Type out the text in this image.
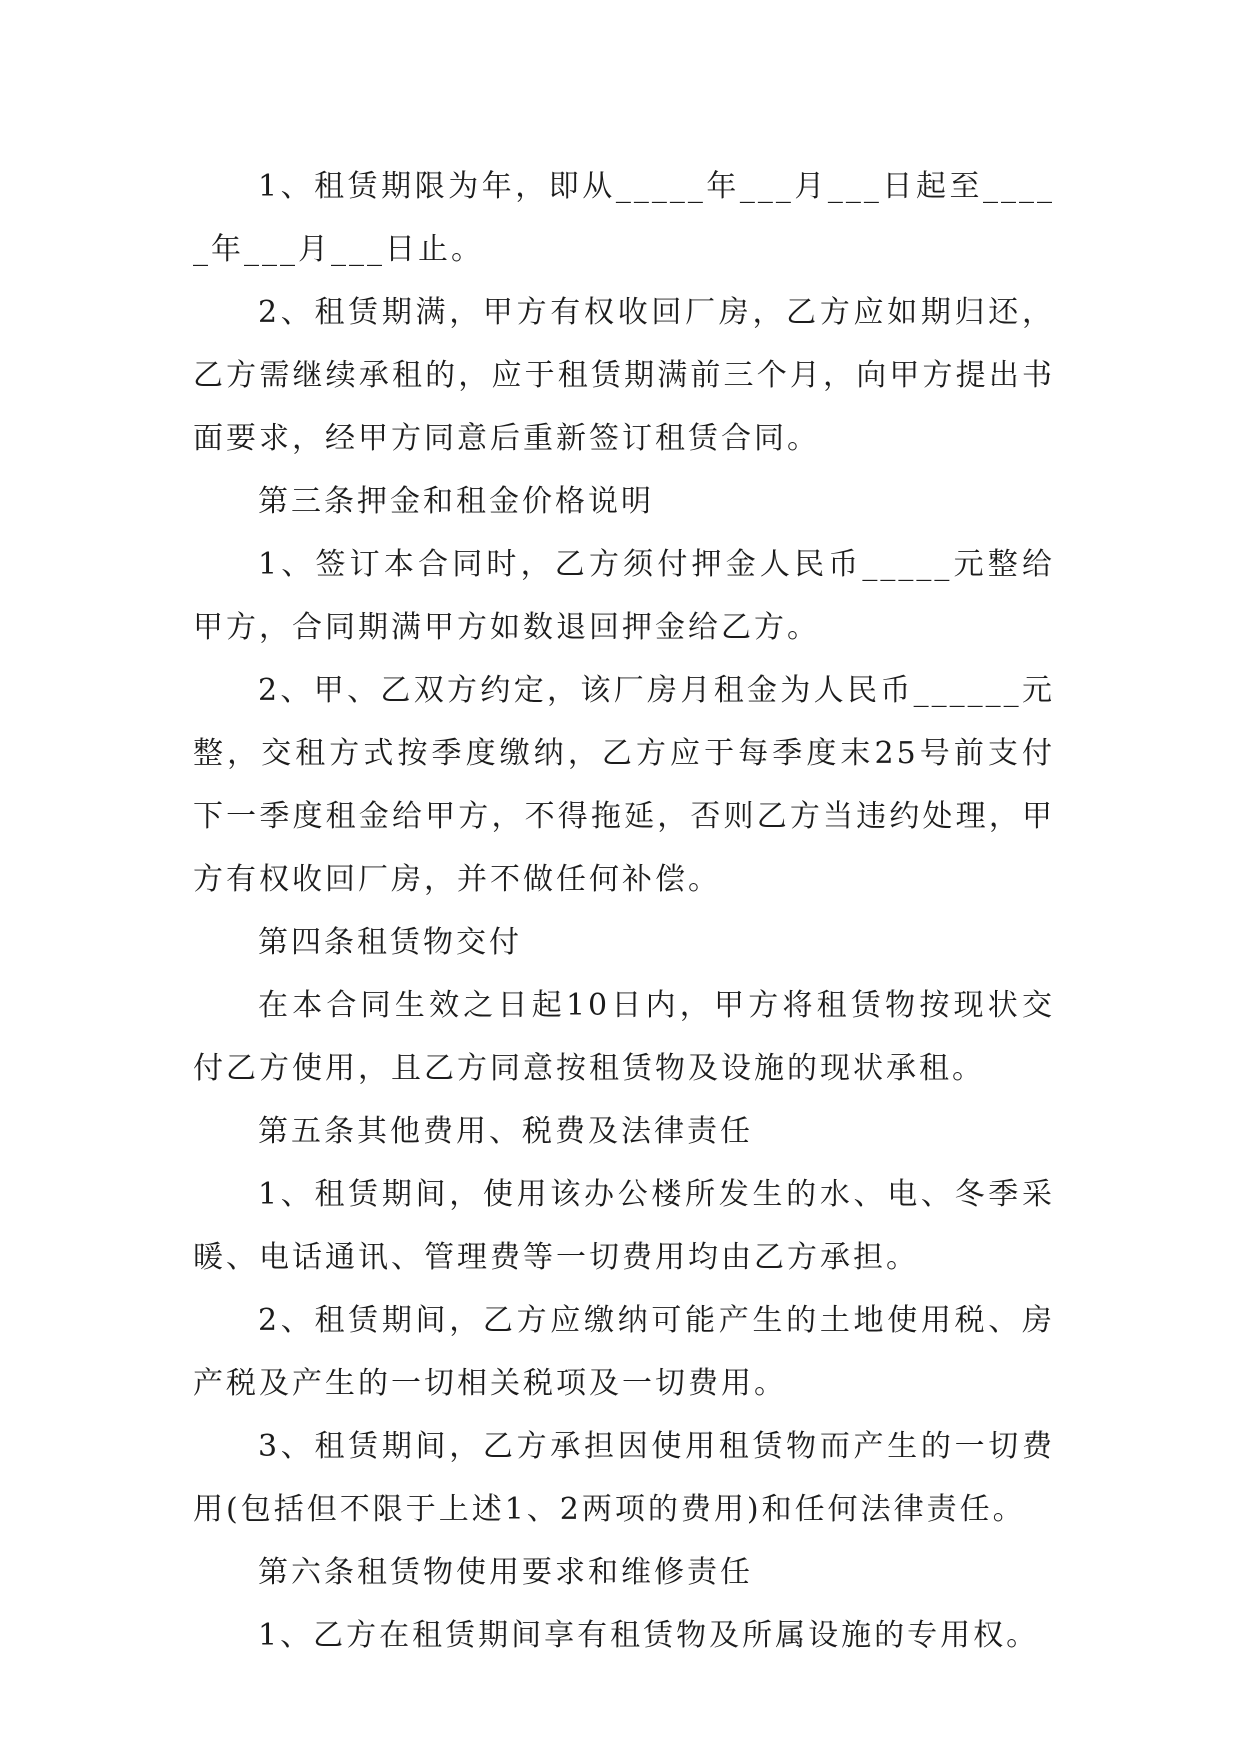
1、租赁期限为年，即从_____年___月___日起至_____年___月___日止。

2、租赁期满，甲方有权收回厂房，乙方应如期归还，乙方需继续承租的，应于租赁期满前三个月，向甲方提出书面要求，经甲方同意后重新签订租赁合同。

第三条押金和租金价格说明

1、签订本合同时，乙方须付押金人民币_____元整给甲方，合同期满甲方如数退回押金给乙方。

2、甲、乙双方约定，该厂房月租金为人民币______元整，交租方式按季度缴纳，乙方应于每季度末25号前支付下一季度租金给甲方，不得拖延，否则乙方当违约处理，甲方有权收回厂房，并不做任何补偿。

第四条租赁物交付

在本合同生效之日起10日内，甲方将租赁物按现状交付乙方使用，且乙方同意按租赁物及设施的现状承租。

第五条其他费用、税费及法律责任

1、租赁期间，使用该办公楼所发生的水、电、冬季采暖、电话通讯、管理费等一切费用均由乙方承担。

2、租赁期间，乙方应缴纳可能产生的土地使用税、房产税及产生的一切相关税项及一切费用。

3、租赁期间，乙方承担因使用租赁物而产生的一切费用(包括但不限于上述1、2两项的费用)和任何法律责任。

第六条租赁物使用要求和维修责任

1、乙方在租赁期间享有租赁物及所属设施的专用权。
